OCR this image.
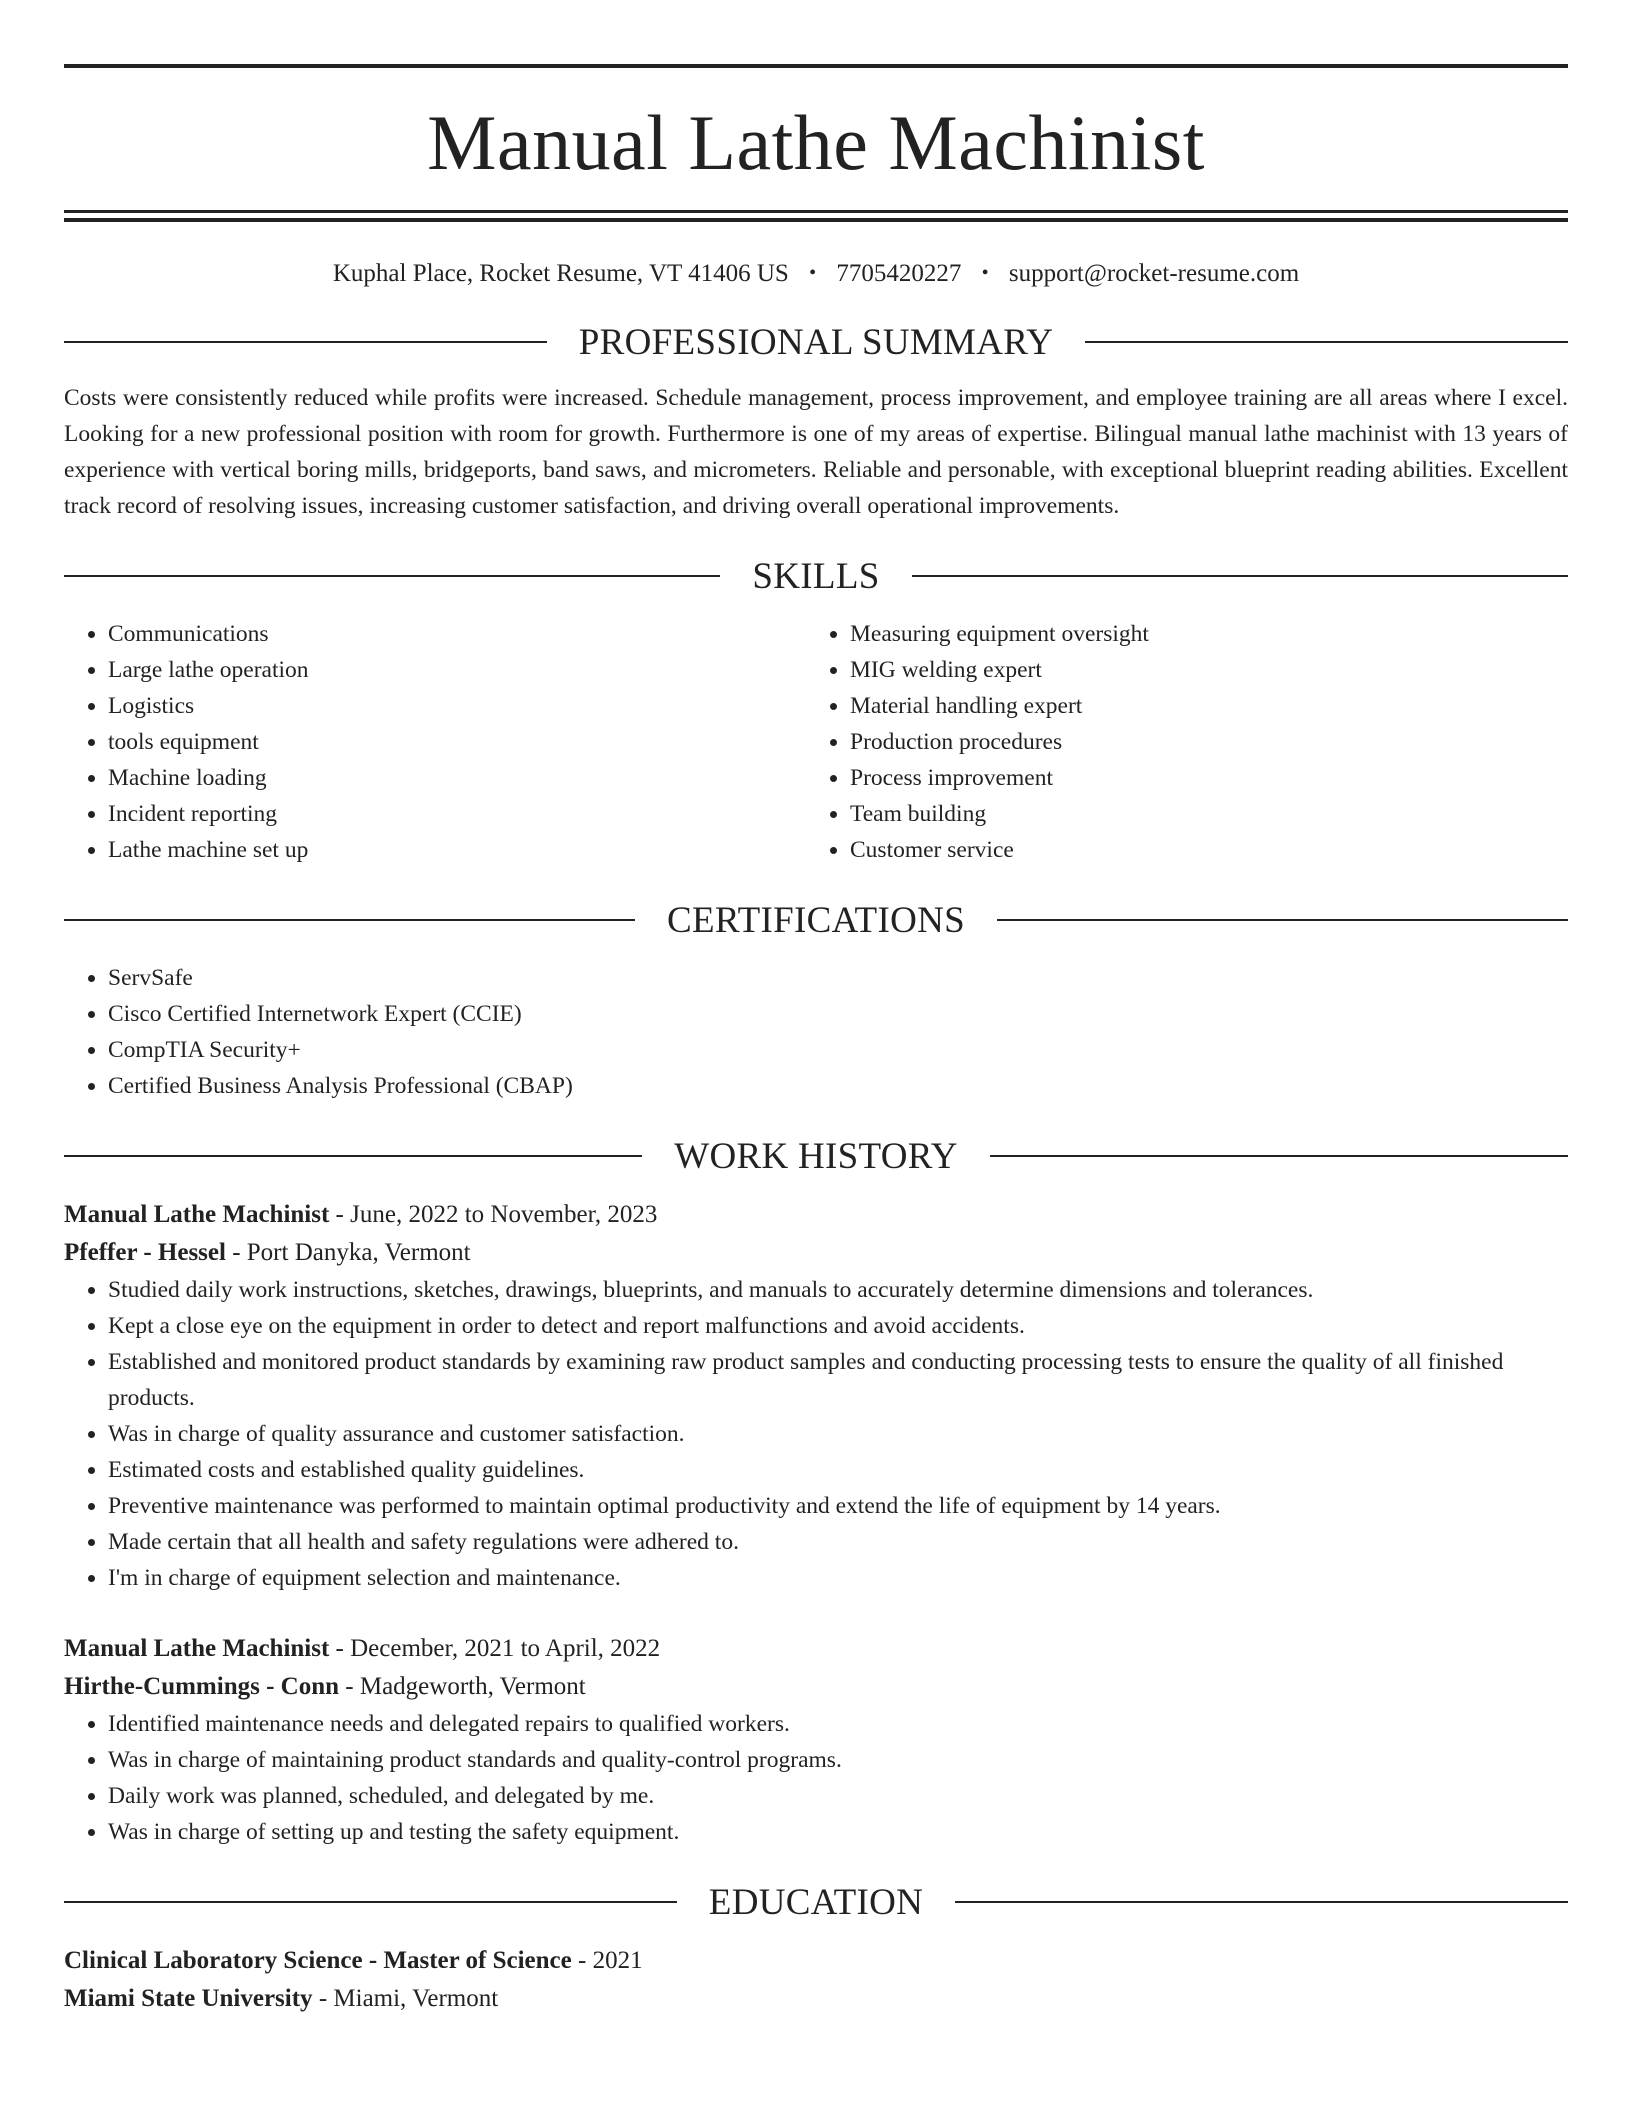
Manual Lathe Machinist
Kuphal Place, Rocket Resume, VT 41406 US • 7705420227 • support@rocket-resume.com
PROFESSIONAL SUMMARY
Costs were consistently reduced while profits were increased. Schedule management, process improvement, and employee training are all areas where I excel. Looking for a new professional position with room for growth. Furthermore is one of my areas of expertise. Bilingual manual lathe machinist with 13 years of experience with vertical boring mills, bridgeports, band saws, and micrometers. Reliable and personable, with exceptional blueprint reading abilities. Excellent track record of resolving issues, increasing customer satisfaction, and driving overall operational improvements.
SKILLS
• Communications
• Large lathe operation
• Logistics
• tools equipment
• Machine loading
• Incident reporting
• Lathe machine set up
• Measuring equipment oversight
• MIG welding expert
• Material handling expert
• Production procedures
• Process improvement
• Team building
• Customer service
CERTIFICATIONS
• ServSafe
• Cisco Certified Internetwork Expert (CCIE)
• CompTIA Security+
• Certified Business Analysis Professional (CBAP)
WORK HISTORY
Manual Lathe Machinist - June, 2022 to November, 2023
Pfeffer - Hessel - Port Danyka, Vermont
• Studied daily work instructions, sketches, drawings, blueprints, and manuals to accurately determine dimensions and tolerances.
• Kept a close eye on the equipment in order to detect and report malfunctions and avoid accidents.
• Established and monitored product standards by examining raw product samples and conducting processing tests to ensure the quality of all finished products.
• Was in charge of quality assurance and customer satisfaction.
• Estimated costs and established quality guidelines.
• Preventive maintenance was performed to maintain optimal productivity and extend the life of equipment by 14 years.
• Made certain that all health and safety regulations were adhered to.
• I'm in charge of equipment selection and maintenance.
Manual Lathe Machinist - December, 2021 to April, 2022
Hirthe-Cummings - Conn - Madgeworth, Vermont
• Identified maintenance needs and delegated repairs to qualified workers.
• Was in charge of maintaining product standards and quality-control programs.
• Daily work was planned, scheduled, and delegated by me.
• Was in charge of setting up and testing the safety equipment.
EDUCATION
Clinical Laboratory Science - Master of Science - 2021
Miami State University - Miami, Vermont
